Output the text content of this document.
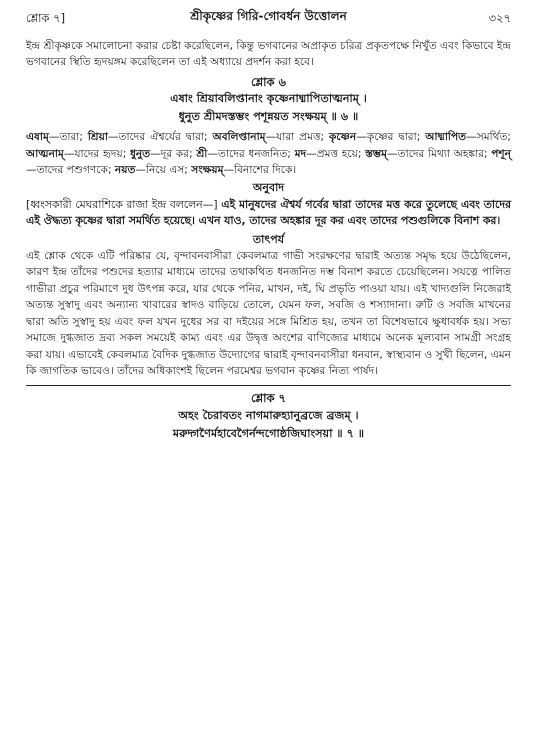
শ্লোক ৭]	শ্রীকৃষ্ণের গিরি-গোবর্ধন উত্তোলন	৩২৭

ইন্দ্র শ্রীকৃষ্ণকে সমালোচনা করার চেষ্টা করেছিলেন, কিন্তু ভগবানের অপ্রাকৃত চরিত্র প্রকৃতপক্ষে নিখুঁত এবং কিভাবে ইন্দ্র ভগবানের স্থিতি হৃদয়ঙ্গম করেছিলেন তা এই অধ্যায়ে প্রদর্শন করা হবে।

শ্লোক ৬
এষাং শ্রিয়াবলিপ্তানাং কৃষ্ণেনাধ্মাপিতাত্মনাম্ ।
ধুনুত শ্রীমদস্তম্ভং পশূন্নয়ত সংক্ষয়ম্ ॥ ৬ ॥

এষাম্—তারা; শ্রিয়া—তাদের ঐশ্বর্যের দ্বারা; অবলিপ্তানাম্—যারা প্রমত্ত; কৃষ্ণেন—কৃষ্ণের দ্বারা; আধ্মাপিত—সমর্থিত; আত্মনাম্—যাদের হৃদয়; ধুনুত—দূর কর; শ্রী—তাদের ধনজনিত; মদ—প্রমত্ত হয়ে; স্তম্ভম্—তাদের মিথ্যা অহঙ্কার; পশূন্—তাদের পশুগণকে; নয়ত—নিয়ে এস; সংক্ষয়ম্—বিনাশের দিকে।

অনুবাদ

[ধ্বংসকারী মেঘরাশিকে রাজা ইন্দ্র বললেন—] এই মানুষদের ঐশ্বর্য গর্বের দ্বারা তাদের মত্ত করে তুলেছে এবং তাদের এই ঔদ্ধত্য কৃষ্ণের দ্বারা সমর্থিত হয়েছে। এখন যাও, তাদের অহঙ্কার দূর কর এবং তাদের পশুগুলিকে বিনাশ কর।

তাৎপর্য

এই শ্লোক থেকে এটি পরিষ্কার যে, বৃন্দাবনবাসীরা কেবলমাত্র গাভী সংরক্ষণের দ্বারাই অত্যন্ত সমৃদ্ধ হয়ে উঠেছিলেন, কারণ ইন্দ্র তাঁদের পশুদের হত্যার মাধ্যমে তাদের তথাকথিত ধনজনিত দম্ভ বিনাশ করতে চেয়েছিলেন। সযত্নে পালিত গাভীরা প্রচুর পরিমাণে দুধ উৎপন্ন করে, যার থেকে পনির, মাখন, দই, ঘি প্রভৃতি পাওয়া যায়। এই খাদ্যগুলি নিজেরাই অত্যন্ত সুস্বাদু এবং অন্যান্য খাবারের স্বাদও বাড়িয়ে তোলে, যেমন ফল, সবজি ও শস্যাদানা। রুটি ও সবজি মাখনের দ্বারা অতি সুস্বাদু হয় এবং ফল যখন দুধের সর বা দইয়ের সঙ্গে মিশ্রিত হয়, তখন তা বিশেষভাবে ক্ষুধাবর্ধক হয়। সভ্য সমাজে দুগ্ধজাত দ্রব্য সকল সময়েই কাম্য এবং এর উদ্বৃত্ত অংশের বাণিজ্যের মাধ্যমে অনেক মূল্যবান সামগ্রী সংগ্রহ করা যায়। এভাবেই কেবলমাত্র বৈদিক দুগ্ধজাত উদ্যোগের দ্বারাই বৃন্দাবনবাসীরা ধনবান, স্বাস্থ্যবান ও সুখী ছিলেন, এমন কি জাগতিক ভাবেও। তাঁদের অধিকাংশই ছিলেন পরমেশ্বর ভগবান কৃষ্ণের নিত্য পার্ষদ।

শ্লোক ৭
অহং চৈরাবতং নাগমারুহ্যানুব্রজে ব্রজম্ ।
মরুদ্গণৈর্মহাবেগৈর্নন্দগোষ্ঠজিঘাংসয়া ॥ ৭ ॥
